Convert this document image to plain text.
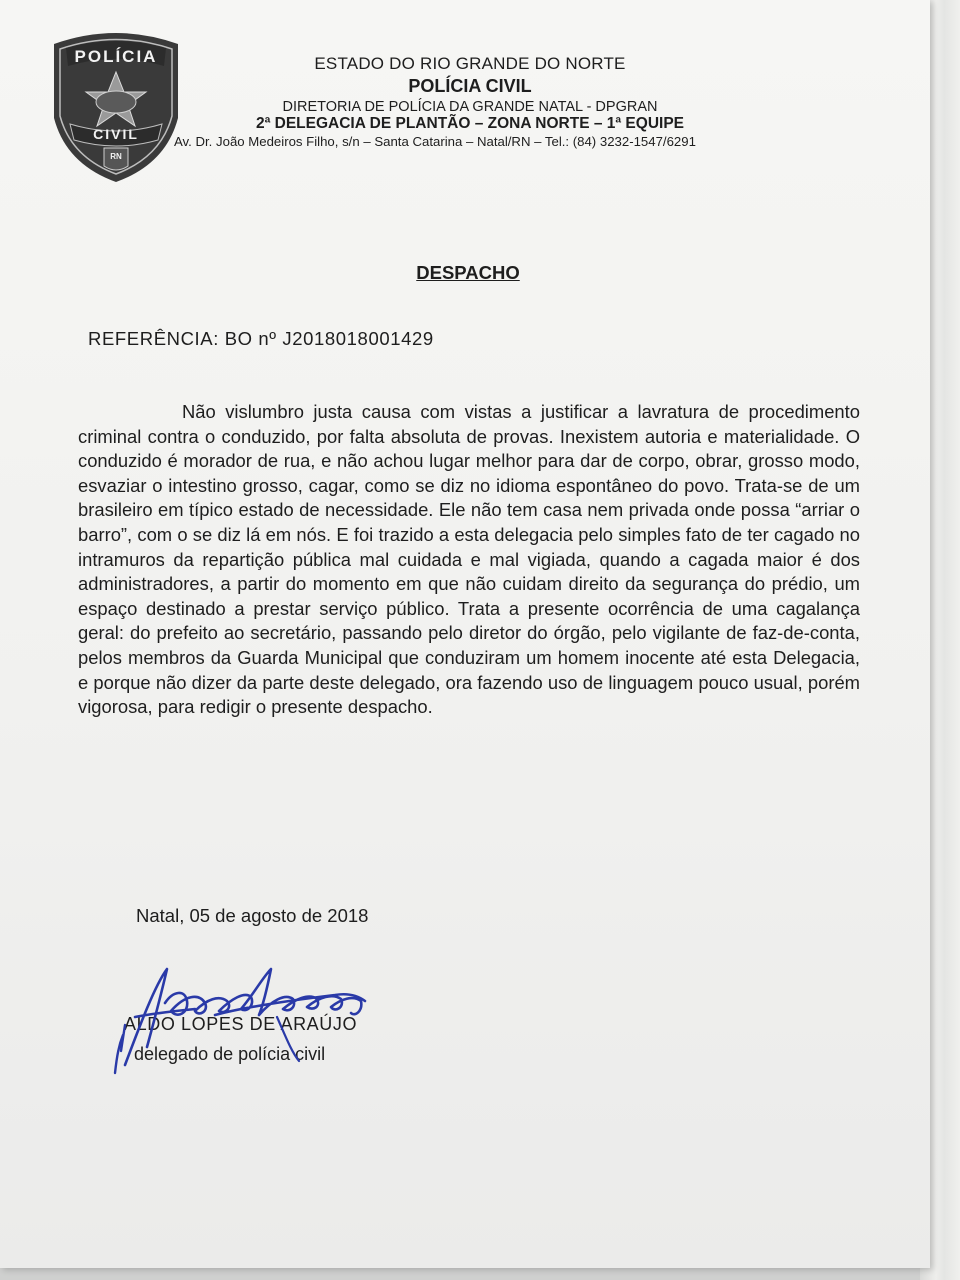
POLÍCIA
CIVIL
RN
ESTADO DO RIO GRANDE DO NORTE
POLÍCIA CIVIL
DIRETORIA DE POLÍCIA DA GRANDE NATAL - DPGRAN
2ª DELEGACIA DE PLANTÃO – ZONA NORTE – 1ª EQUIPE
Av. Dr. João Medeiros Filho, s/n – Santa Catarina – Natal/RN – Tel.: (84) 3232-1547/6291
DESPACHO
REFERÊNCIA: BO nº J2018018001429

Não vislumbro justa causa com vistas a justificar a lavratura de procedimento criminal contra o conduzido, por falta absoluta de provas. Inexistem autoria e materialidade. O conduzido é morador de rua, e não achou lugar melhor para dar de corpo, obrar, grosso modo, esvaziar o intestino grosso, cagar, como se diz no idioma espontâneo do povo. Trata-se de um brasileiro em típico estado de necessidade. Ele não tem casa nem privada onde possa “arriar o barro”, com o se diz lá em nós. E foi trazido a esta delegacia pelo simples fato de ter cagado no intramuros da repartição pública mal cuidada e mal vigiada, quando a cagada maior é dos administradores, a partir do momento em que não cuidam direito da segurança do prédio, um espaço destinado a prestar serviço público. Trata a presente ocorrência de uma cagalança geral: do prefeito ao secretário, passando pelo diretor do órgão, pelo vigilante de faz-de-conta, pelos membros da Guarda Municipal que conduziram um homem inocente até esta Delegacia, e porque não dizer da parte deste delegado, ora fazendo uso de linguagem pouco usual, porém vigorosa, para redigir o presente despacho.

Natal, 05 de agosto de 2018
ALDO LOPES DE ARAÚJO
delegado de polícia civil
